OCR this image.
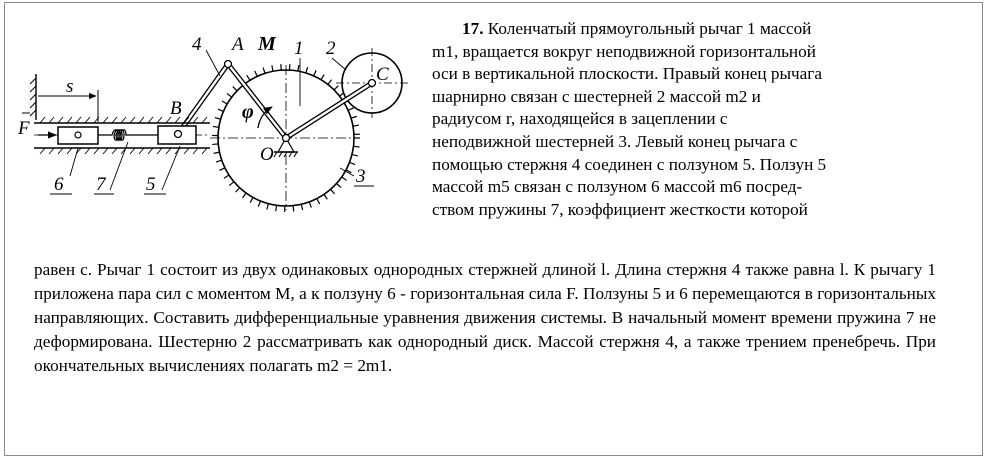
s
F
A
B
C
O
M
φ
1 2
3
4
5
6 7
17. Коленчатый прямоугольный рычаг 1 массой
m1, вращается вокруг неподвижной горизонтальной
оси в вертикальной плоскости. Правый конец рычага
шарнирно связан с шестерней 2 массой m2 и
радиусом r, находящейся в зацеплении с
неподвижной шестерней 3. Левый конец рычага с
помощью стержня 4 соединен с ползуном 5. Ползун 5
массой m5 связан с ползуном 6 массой m6 посред-
ством пружины 7, коэффициент жесткости которой
равен c. Рычаг 1 состоит из двух одинаковых однородных стержней длиной l. Длина стержня 4 также равна l. К рычагу 1 приложена пара сил с моментом M, а к ползуну 6 - горизонтальная сила F. Ползуны 5 и 6 перемещаются в горизонтальных направляющих. Составить дифференциальные уравнения движения системы. В начальный момент времени пружина 7 не деформирована. Шестерню 2 рассматривать как однородный диск. Массой стержня 4, а также трением пренебречь. При окончательных вычислениях полагать m2 = 2m1.
